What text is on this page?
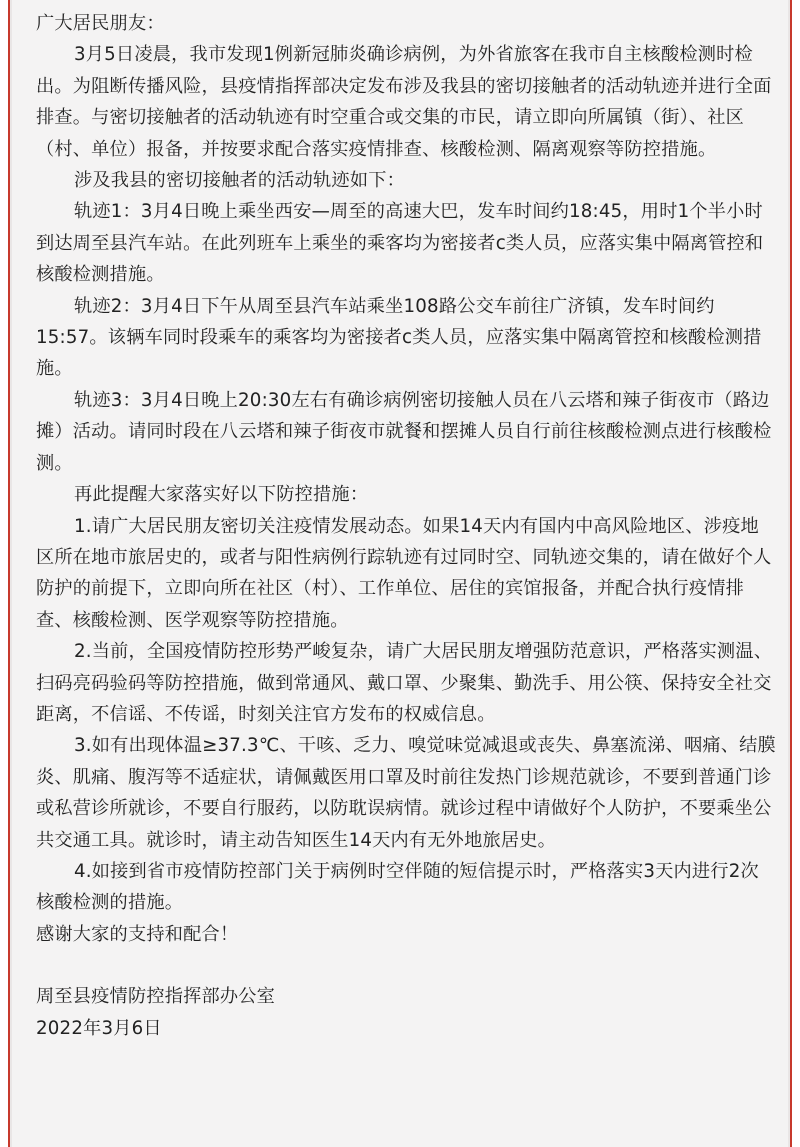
广大居民朋友：

3月5日凌晨，我市发现1例新冠肺炎确诊病例，为外省旅客在我市自主核酸检测时检出。为阻断传播风险，县疫情指挥部决定发布涉及我县的密切接触者的活动轨迹并进行全面排查。与密切接触者的活动轨迹有时空重合或交集的市民，请立即向所属镇（街）、社区（村、单位）报备，并按要求配合落实疫情排查、核酸检测、隔离观察等防控措施。

涉及我县的密切接触者的活动轨迹如下：

轨迹1：3月4日晚上乘坐西安—周至的高速大巴，发车时间约18:45，用时1个半小时到达周至县汽车站。在此列班车上乘坐的乘客均为密接者c类人员，应落实集中隔离管控和核酸检测措施。

轨迹2：3月4日下午从周至县汽车站乘坐108路公交车前往广济镇，发车时间约15:57。该辆车同时段乘车的乘客均为密接者c类人员，应落实集中隔离管控和核酸检测措施。

轨迹3：3月4日晚上20:30左右有确诊病例密切接触人员在八云塔和辣子街夜市（路边摊）活动。请同时段在八云塔和辣子街夜市就餐和摆摊人员自行前往核酸检测点进行核酸检测。

再此提醒大家落实好以下防控措施：

1.请广大居民朋友密切关注疫情发展动态。如果14天内有国内中高风险地区、涉疫地区所在地市旅居史的，或者与阳性病例行踪轨迹有过同时空、同轨迹交集的，请在做好个人防护的前提下，立即向所在社区（村）、工作单位、居住的宾馆报备，并配合执行疫情排查、核酸检测、医学观察等防控措施。

2.当前，全国疫情防控形势严峻复杂，请广大居民朋友增强防范意识，严格落实测温、扫码亮码验码等防控措施，做到常通风、戴口罩、少聚集、勤洗手、用公筷、保持安全社交距离，不信谣、不传谣，时刻关注官方发布的权威信息。

3.如有出现体温≥37.3℃、干咳、乏力、嗅觉味觉减退或丧失、鼻塞流涕、咽痛、结膜炎、肌痛、腹泻等不适症状，请佩戴医用口罩及时前往发热门诊规范就诊，不要到普通门诊或私营诊所就诊，不要自行服药，以防耽误病情。就诊过程中请做好个人防护，不要乘坐公共交通工具。就诊时，请主动告知医生14天内有无外地旅居史。

4.如接到省市疫情防控部门关于病例时空伴随的短信提示时，严格落实3天内进行2次核酸检测的措施。

感谢大家的支持和配合！

周至县疫情防控指挥部办公室

2022年3月6日
